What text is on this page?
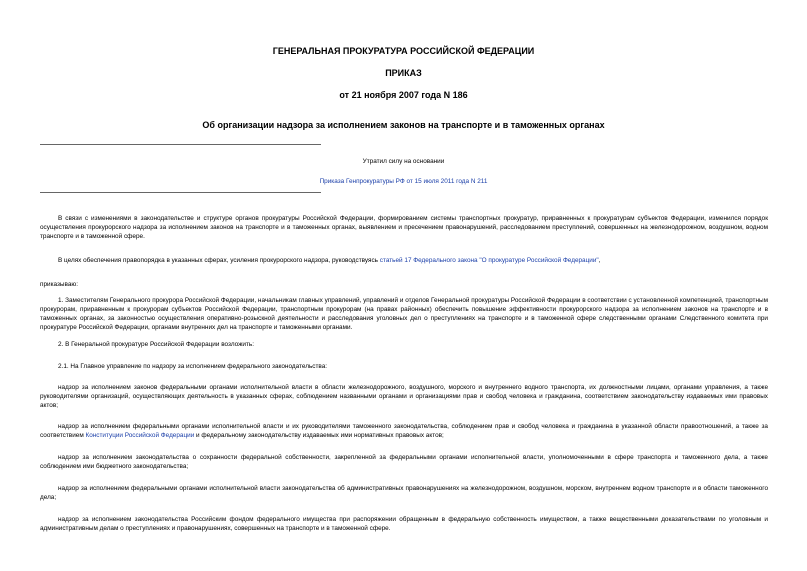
ГЕНЕРАЛЬНАЯ ПРОКУРАТУРА РОССИЙСКОЙ ФЕДЕРАЦИИ
ПРИКАЗ
от 21 ноября 2007 года N 186
Об организации надзора за исполнением законов на транспорте и в таможенных органах
Утратил силу на основании
Приказа Генпрокуратуры РФ от 15 июля 2011 года N 211
В связи с изменениями в законодательстве и структуре органов прокуратуры Российской Федерации, формированием системы транспортных прокуратур, приравненных к прокуратурам субъектов Федерации, изменился порядок осуществления прокурорского надзора за исполнением законов на транспорте и в таможенных органах, выявлением и пресечением правонарушений, расследованием преступлений, совершенных на железнодорожном, воздушном, водном транспорте и в таможенной сфере.
В целях обеспечения правопорядка в указанных сферах, усиления прокурорского надзора, руководствуясь статьей 17 Федерального закона "О прокуратуре Российской Федерации",
приказываю:
1. Заместителям Генерального прокурора Российской Федерации, начальникам главных управлений, управлений и отделов Генеральной прокуратуры Российской Федерации в соответствии с установленной компетенцией, транспортным прокурорам, приравненным к прокурорам субъектов Российской Федерации, транспортным прокурорам (на правах районных) обеспечить повышение эффективности прокурорского надзора за исполнением законов на транспорте и в таможенных органах, за законностью осуществления оперативно-розыскной деятельности и расследования уголовных дел о преступлениях на транспорте и в таможенной сфере следственными органами Следственного комитета при прокуратуре Российской Федерации, органами внутренних дел на транспорте и таможенными органами.
2. В Генеральной прокуратуре Российской Федерации возложить:
2.1. На Главное управление по надзору за исполнением федерального законодательства:
надзор за исполнением законов федеральными органами исполнительной власти в области железнодорожного, воздушного, морского и внутреннего водного транспорта, их должностными лицами, органами управления, а также руководителями организаций, осуществляющих деятельность в указанных сферах, соблюдением названными органами и организациями прав и свобод человека и гражданина, соответствием законодательству издаваемых ими правовых актов;
надзор за исполнением федеральными органами исполнительной власти и их руководителями таможенного законодательства, соблюдением прав и свобод человека и гражданина в указанной области правоотношений, а также за соответствием Конституции Российской Федерации и федеральному законодательству издаваемых ими нормативных правовых актов;
надзор за исполнением законодательства о сохранности федеральной собственности, закрепленной за федеральными органами исполнительной власти, уполномоченными в сфере транспорта и таможенного дела, а также соблюдением ими бюджетного законодательства;
надзор за исполнением федеральными органами исполнительной власти законодательства об административных правонарушениях на железнодорожном, воздушном, морском, внутреннем водном транспорте и в области таможенного дела;
надзор за исполнением законодательства Российским фондом федерального имущества при распоряжении обращенным в федеральную собственность имуществом, а также вещественными доказательствами по уголовным и административным делам о преступлениях и правонарушениях, совершенных на транспорте и в таможенной сфере.
